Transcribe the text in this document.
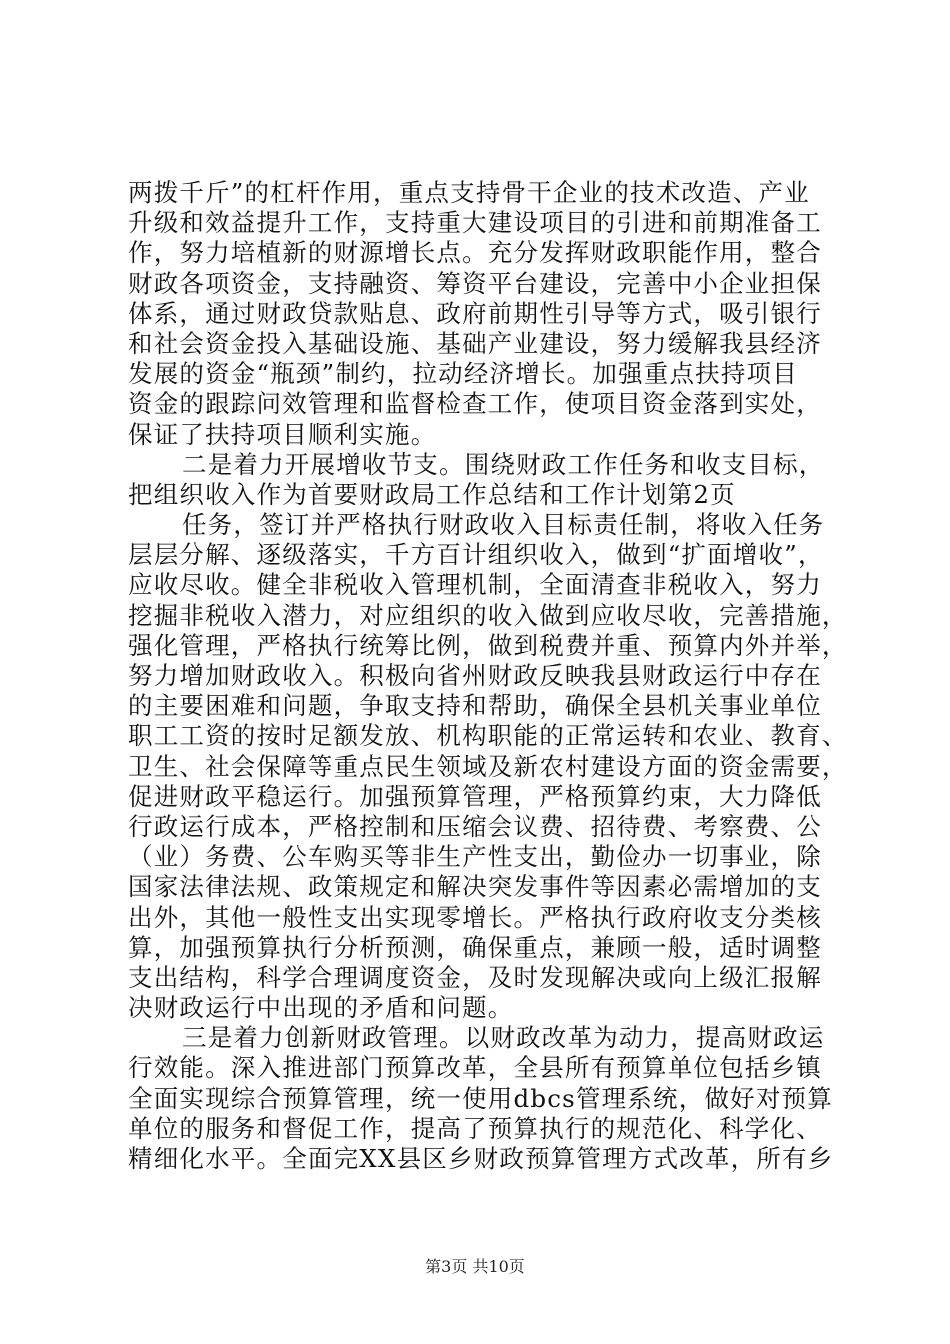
两拨千斤”的杠杆作用，重点支持骨干企业的技术改造、产业
升级和效益提升工作，支持重大建设项目的引进和前期准备工
作，努力培植新的财源增长点。充分发挥财政职能作用，整合
财政各项资金，支持融资、筹资平台建设，完善中小企业担保
体系，通过财政贷款贴息、政府前期性引导等方式，吸引银行
和社会资金投入基础设施、基础产业建设，努力缓解我县经济
发展的资金“瓶颈”制约，拉动经济增长。加强重点扶持项目
资金的跟踪问效管理和监督检查工作，使项目资金落到实处，
保证了扶持项目顺利实施。
二是着力开展增收节支。围绕财政工作任务和收支目标，
把组织收入作为首要财政局工作总结和工作计划第2页
任务，签订并严格执行财政收入目标责任制，将收入任务
层层分解、逐级落实，千方百计组织收入，做到“扩面增收”，
应收尽收。健全非税收入管理机制，全面清查非税收入，努力
挖掘非税收入潜力，对应组织的收入做到应收尽收，完善措施，
强化管理，严格执行统筹比例，做到税费并重、预算内外并举，
努力增加财政收入。积极向省州财政反映我县财政运行中存在
的主要困难和问题，争取支持和帮助，确保全县机关事业单位
职工工资的按时足额发放、机构职能的正常运转和农业、教育、
卫生、社会保障等重点民生领域及新农村建设方面的资金需要，
促进财政平稳运行。加强预算管理，严格预算约束，大力降低
行政运行成本，严格控制和压缩会议费、招待费、考察费、公
（业）务费、公车购买等非生产性支出，勤俭办一切事业，除
国家法律法规、政策规定和解决突发事件等因素必需增加的支
出外，其他一般性支出实现零增长。严格执行政府收支分类核
算，加强预算执行分析预测，确保重点，兼顾一般，适时调整
支出结构，科学合理调度资金，及时发现解决或向上级汇报解
决财政运行中出现的矛盾和问题。
三是着力创新财政管理。以财政改革为动力，提高财政运
行效能。深入推进部门预算改革，全县所有预算单位包括乡镇
全面实现综合预算管理，统一使用dbcs管理系统，做好对预算
单位的服务和督促工作，提高了预算执行的规范化、科学化、
精细化水平。全面完XX县区乡财政预算管理方式改革，所有乡
第3页 共10页
